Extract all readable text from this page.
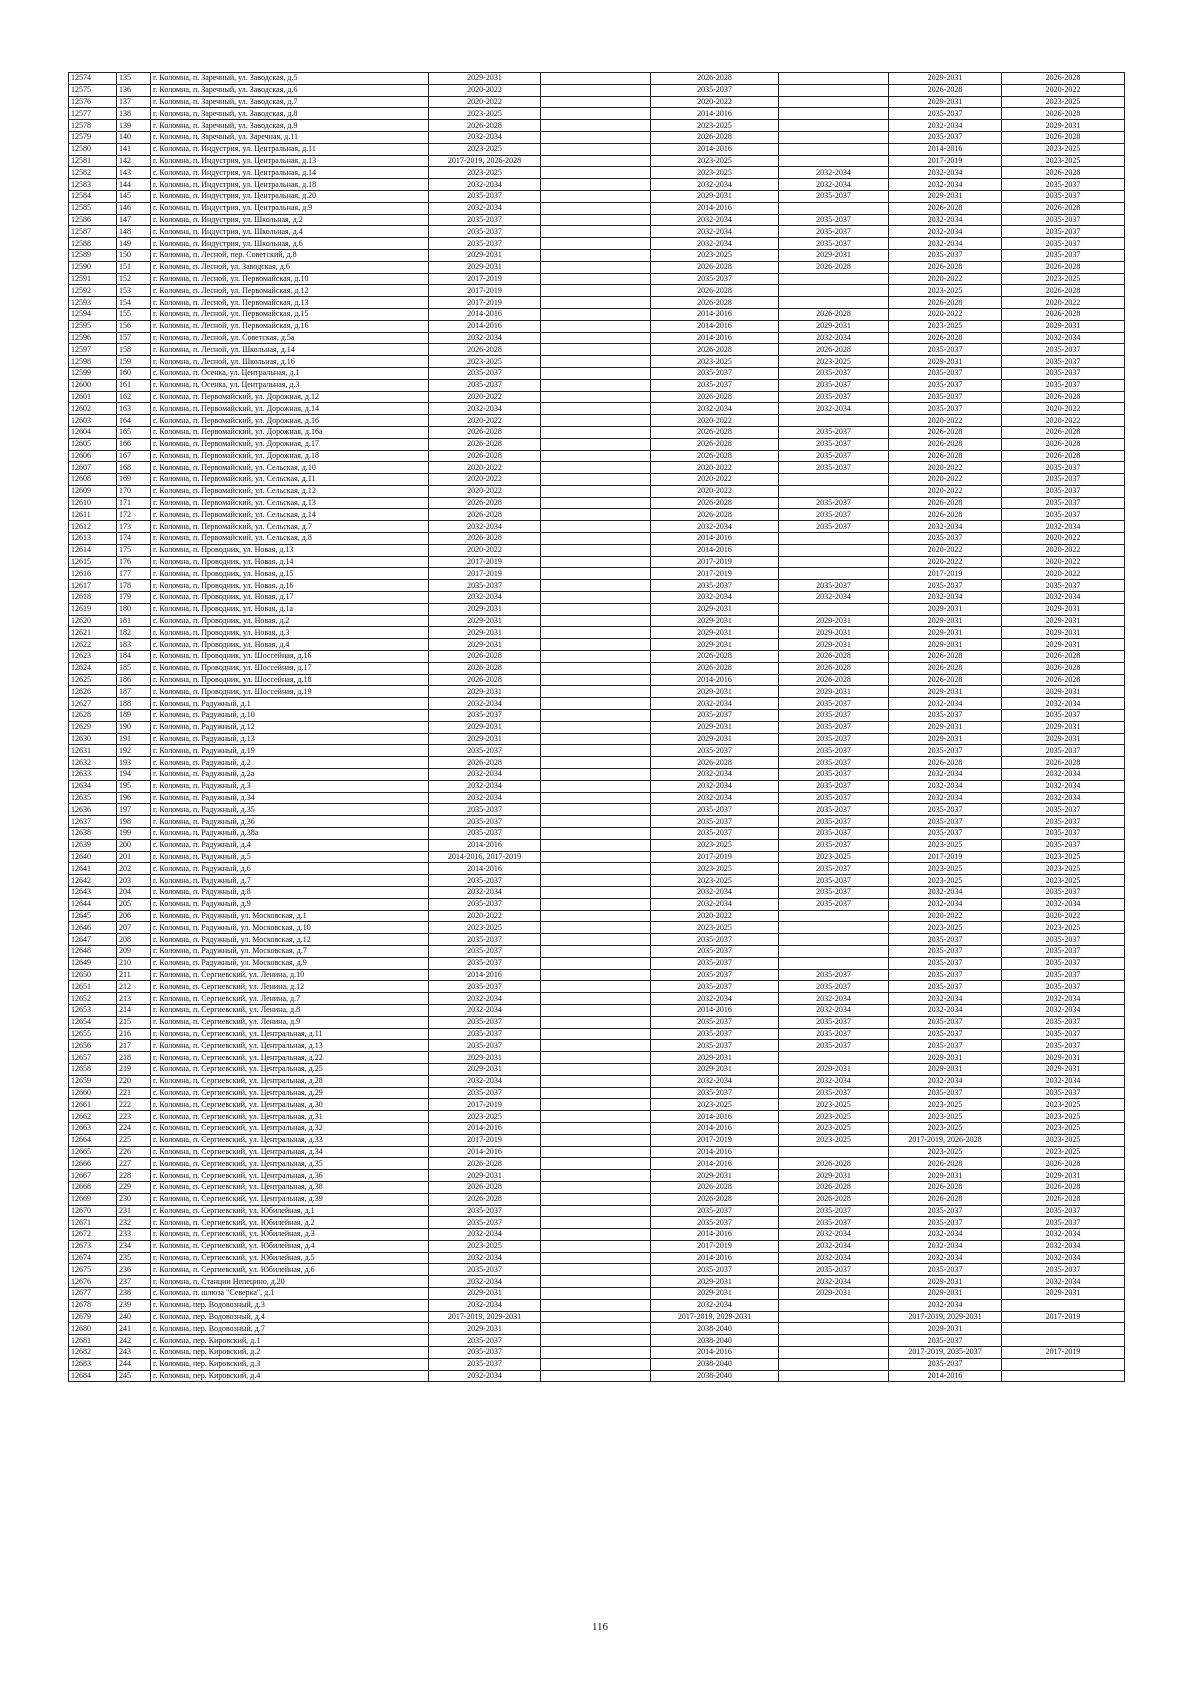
12574	135	г. Коломна, п. Заречный, ул. Заводская, д.5	2029-2031		2026-2028		2029-2031	2026-2028
12575	136	г. Коломна, п. Заречный, ул. Заводская, д.6	2020-2022		2035-2037		2026-2028	2020-2022
12576	137	г. Коломна, п. Заречный, ул. Заводская, д.7	2020-2022		2020-2022		2029-2031	2023-2025
12577	138	г. Коломна, п. Заречный, ул. Заводская, д.8	2023-2025		2014-2016		2035-2037	2026-2028
12578	139	г. Коломна, п. Заречный, ул. Заводская, д.9	2026-2028		2023-2025		2032-2034	2029-2031
12579	140	г. Коломна, п. Заречный, ул. Заречная, д.11	2032-2034		2026-2028		2035-2037	2026-2028
12580	141	г. Коломна, п. Индустрия, ул. Центральная, д.11	2023-2025		2014-2016		2014-2016	2023-2025
12581	142	г. Коломна, п. Индустрия, ул. Центральная, д.13	2017-2019, 2026-2028		2023-2025		2017-2019	2023-2025
12582	143	г. Коломна, п. Индустрия, ул. Центральная, д.14	2023-2025		2023-2025	2032-2034	2032-2034	2026-2028
12583	144	г. Коломна, п. Индустрия, ул. Центральная, д.18	2032-2034		2032-2034	2032-2034	2032-2034	2035-2037
12584	145	г. Коломна, п. Индустрия, ул. Центральная, д.20	2035-2037		2029-2031	2035-2037	2029-2031	2035-2037
12585	146	г. Коломна, п. Индустрия, ул. Центральная, д.9	2032-2034		2014-2016		2026-2028	2026-2028
12586	147	г. Коломна, п. Индустрия, ул. Школьная, д.2	2035-2037		2032-2034	2035-2037	2032-2034	2035-2037
12587	148	г. Коломна, п. Индустрия, ул. Школьная, д.4	2035-2037		2032-2034	2035-2037	2032-2034	2035-2037
12588	149	г. Коломна, п. Индустрия, ул. Школьная, д.6	2035-2037		2032-2034	2035-2037	2032-2034	2035-2037
12589	150	г. Коломна, п. Лесной, пер. Советский, д.8	2029-2031		2023-2025	2029-2031	2035-2037	2035-2037
12590	151	г. Коломна, п. Лесной, ул. Заводская, д.6	2029-2031		2026-2028	2026-2028	2026-2028	2026-2028
12591	152	г. Коломна, п. Лесной, ул. Первомайская, д.10	2017-2019		2035-2037		2020-2022	2023-2025
12592	153	г. Коломна, п. Лесной, ул. Первомайская, д.12	2017-2019		2026-2028		2023-2025	2026-2028
12593	154	г. Коломна, п. Лесной, ул. Первомайская, д.13	2017-2019		2026-2028		2026-2028	2020-2022
12594	155	г. Коломна, п. Лесной, ул. Первомайская, д.15	2014-2016		2014-2016	2026-2028	2020-2022	2026-2028
12595	156	г. Коломна, п. Лесной, ул. Первомайская, д.16	2014-2016		2014-2016	2029-2031	2023-2025	2029-2031
12596	157	г. Коломна, п. Лесной, ул. Советская, д.5а	2032-2034		2014-2016	2032-2034	2026-2028	2032-2034
12597	158	г. Коломна, п. Лесной, ул. Школьная, д.14	2026-2028		2026-2028	2026-2028	2035-2037	2035-2037
12598	159	г. Коломна, п. Лесной, ул. Школьная, д.16	2023-2025		2023-2025	2023-2025	2029-2031	2035-2037
12599	160	г. Коломна, п. Осенка, ул. Центральная, д.1	2035-2037		2035-2037	2035-2037	2035-2037	2035-2037
12600	161	г. Коломна, п. Осенка, ул. Центральная, д.3	2035-2037		2035-2037	2035-2037	2035-2037	2035-2037
12601	162	г. Коломна, п. Первомайский, ул. Дорожная, д.12	2020-2022		2026-2028	2035-2037	2035-2037	2026-2028
12602	163	г. Коломна, п. Первомайский, ул. Дорожная, д.14	2032-2034		2032-2034	2032-2034	2035-2037	2020-2022
12603	164	г. Коломна, п. Первомайский, ул. Дорожная, д.16	2020-2022		2020-2022		2020-2022	2020-2022
12604	165	г. Коломна, п. Первомайский, ул. Дорожная, д.16а	2026-2028		2026-2028	2035-2037	2026-2028	2026-2028
12605	166	г. Коломна, п. Первомайский, ул. Дорожная, д.17	2026-2028		2026-2028	2035-2037	2026-2028	2026-2028
12606	167	г. Коломна, п. Первомайский, ул. Дорожная, д.18	2026-2028		2026-2028	2035-2037	2026-2028	2026-2028
12607	168	г. Коломна, п. Первомайский, ул. Сельская, д.10	2020-2022		2020-2022	2035-2037	2020-2022	2035-2037
12608	169	г. Коломна, п. Первомайский, ул. Сельская, д.11	2020-2022		2020-2022		2020-2022	2035-2037
12609	170	г. Коломна, п. Первомайский, ул. Сельская, д.12	2020-2022		2020-2022		2020-2022	2035-2037
12610	171	г. Коломна, п. Первомайский, ул. Сельская, д.13	2026-2028		2026-2028	2035-2037	2026-2028	2035-2037
12611	172	г. Коломна, п. Первомайский, ул. Сельская, д.14	2026-2028		2026-2028	2035-2037	2026-2028	2035-2037
12612	173	г. Коломна, п. Первомайский, ул. Сельская, д.7	2032-2034		2032-2034	2035-2037	2032-2034	2032-2034
12613	174	г. Коломна, п. Первомайский, ул. Сельская, д.8	2026-2028		2014-2016		2035-2037	2020-2022
12614	175	г. Коломна, п. Проводник, ул. Новая, д.13	2020-2022		2014-2016		2020-2022	2020-2022
12615	176	г. Коломна, п. Проводник, ул. Новая, д.14	2017-2019		2017-2019		2020-2022	2020-2022
12616	177	г. Коломна, п. Проводник, ул. Новая, д.15	2017-2019		2017-2019		2017-2019	2020-2022
12617	178	г. Коломна, п. Проводник, ул. Новая, д.16	2035-2037		2035-2037	2035-2037	2035-2037	2035-2037
12618	179	г. Коломна, п. Проводник, ул. Новая, д.17	2032-2034		2032-2034	2032-2034	2032-2034	2032-2034
12619	180	г. Коломна, п. Проводник, ул. Новая, д.1а	2029-2031		2029-2031		2029-2031	2029-2031
12620	181	г. Коломна, п. Проводник, ул. Новая, д.2	2029-2031		2029-2031	2029-2031	2029-2031	2029-2031
12621	182	г. Коломна, п. Проводник, ул. Новая, д.3	2029-2031		2029-2031	2029-2031	2029-2031	2029-2031
12622	183	г. Коломна, п. Проводник, ул. Новая, д.4	2029-2031		2029-2031	2029-2031	2029-2031	2029-2031
12623	184	г. Коломна, п. Проводник, ул. Шоссейная, д.16	2026-2028		2026-2028	2026-2028	2026-2028	2026-2028
12624	185	г. Коломна, п. Проводник, ул. Шоссейная, д.17	2026-2028		2026-2028	2026-2028	2026-2028	2026-2028
12625	186	г. Коломна, п. Проводник, ул. Шоссейная, д.18	2026-2028		2014-2016	2026-2028	2026-2028	2026-2028
12626	187	г. Коломна, п. Проводник, ул. Шоссейная, д.19	2029-2031		2029-2031	2029-2031	2029-2031	2029-2031
12627	188	г. Коломна, п. Радужный, д.1	2032-2034		2032-2034	2035-2037	2032-2034	2032-2034
12628	189	г. Коломна, п. Радужный, д.10	2035-2037		2035-2037	2035-2037	2035-2037	2035-2037
12629	190	г. Коломна, п. Радужный, д.12	2029-2031		2029-2031	2035-2037	2029-2031	2029-2031
12630	191	г. Коломна, п. Радужный, д.13	2029-2031		2029-2031	2035-2037	2029-2031	2029-2031
12631	192	г. Коломна, п. Радужный, д.19	2035-2037		2035-2037	2035-2037	2035-2037	2035-2037
12632	193	г. Коломна, п. Радужный, д.2	2026-2028		2026-2028	2035-2037	2026-2028	2026-2028
12633	194	г. Коломна, п. Радужный, д.2а	2032-2034		2032-2034	2035-2037	2032-2034	2032-2034
12634	195	г. Коломна, п. Радужный, д.3	2032-2034		2032-2034	2035-2037	2032-2034	2032-2034
12635	196	г. Коломна, п. Радужный, д.34	2032-2034		2032-2034	2035-2037	2032-2034	2032-2034
12636	197	г. Коломна, п. Радужный, д.35	2035-2037		2035-2037	2035-2037	2035-2037	2035-2037
12637	198	г. Коломна, п. Радужный, д.36	2035-2037		2035-2037	2035-2037	2035-2037	2035-2037
12638	199	г. Коломна, п. Радужный, д.38а	2035-2037		2035-2037	2035-2037	2035-2037	2035-2037
12639	200	г. Коломна, п. Радужный, д.4	2014-2016		2023-2025	2035-2037	2023-2025	2035-2037
12640	201	г. Коломна, п. Радужный, д.5	2014-2016, 2017-2019		2017-2019	2023-2025	2017-2019	2023-2025
12641	202	г. Коломна, п. Радужный, д.6	2014-2016		2023-2025	2035-2037	2023-2025	2023-2025
12642	203	г. Коломна, п. Радужный, д.7	2035-2037		2023-2025	2035-2037	2023-2025	2023-2025
12643	204	г. Коломна, п. Радужный, д.8	2032-2034		2032-2034	2035-2037	2032-2034	2035-2037
12644	205	г. Коломна, п. Радужный, д.9	2035-2037		2032-2034	2035-2037	2032-2034	2032-2034
12645	206	г. Коломна, п. Радужный, ул. Московская, д.1	2020-2022		2020-2022		2020-2022	2020-2022
12646	207	г. Коломна, п. Радужный, ул. Московская, д.10	2023-2025		2023-2025		2023-2025	2023-2025
12647	208	г. Коломна, п. Радужный, ул. Московская, д.12	2035-2037		2035-2037		2035-2037	2035-2037
12648	209	г. Коломна, п. Радужный, ул. Московская, д.7	2035-2037		2035-2037		2035-2037	2035-2037
12649	210	г. Коломна, п. Радужный, ул. Московская, д.9	2035-2037		2035-2037		2035-2037	2035-2037
12650	211	г. Коломна, п. Сергиевский, ул. Ленина, д.10	2014-2016		2035-2037	2035-2037	2035-2037	2035-2037
12651	212	г. Коломна, п. Сергиевский, ул. Ленина, д.12	2035-2037		2035-2037	2035-2037	2035-2037	2035-2037
12652	213	г. Коломна, п. Сергиевский, ул. Ленина, д.7	2032-2034		2032-2034	2032-2034	2032-2034	2032-2034
12653	214	г. Коломна, п. Сергиевский, ул. Ленина, д.8	2032-2034		2014-2016	2032-2034	2032-2034	2032-2034
12654	215	г. Коломна, п. Сергиевский, ул. Ленина, д.9	2035-2037		2035-2037	2035-2037	2035-2037	2035-2037
12655	216	г. Коломна, п. Сергиевский, ул. Центральная, д.11	2035-2037		2035-2037	2035-2037	2035-2037	2035-2037
12656	217	г. Коломна, п. Сергиевский, ул. Центральная, д.13	2035-2037		2035-2037	2035-2037	2035-2037	2035-2037
12657	218	г. Коломна, п. Сергиевский, ул. Центральная, д.22	2029-2031		2029-2031		2029-2031	2029-2031
12658	219	г. Коломна, п. Сергиевский, ул. Центральная, д.25	2029-2031		2029-2031	2029-2031	2029-2031	2029-2031
12659	220	г. Коломна, п. Сергиевский, ул. Центральная, д.28	2032-2034		2032-2034	2032-2034	2032-2034	2032-2034
12660	221	г. Коломна, п. Сергиевский, ул. Центральная, д.29	2035-2037		2035-2037	2035-2037	2035-2037	2035-2037
12661	222	г. Коломна, п. Сергиевский, ул. Центральная, д.30	2017-2019		2023-2025	2023-2025	2023-2025	2023-2025
12662	223	г. Коломна, п. Сергиевский, ул. Центральная, д.31	2023-2025		2014-2016	2023-2025	2023-2025	2023-2025
12663	224	г. Коломна, п. Сергиевский, ул. Центральная, д.32	2014-2016		2014-2016	2023-2025	2023-2025	2023-2025
12664	225	г. Коломна, п. Сергиевский, ул. Центральная, д.33	2017-2019		2017-2019	2023-2025	2017-2019, 2026-2028	2023-2025
12665	226	г. Коломна, п. Сергиевский, ул. Центральная, д.34	2014-2016		2014-2016		2023-2025	2023-2025
12666	227	г. Коломна, п. Сергиевский, ул. Центральная, д.35	2026-2028		2014-2016	2026-2028	2026-2028	2026-2028
12667	228	г. Коломна, п. Сергиевский, ул. Центральная, д.36	2029-2031		2029-2031	2029-2031	2029-2031	2029-2031
12668	229	г. Коломна, п. Сергиевский, ул. Центральная, д.38	2026-2028		2026-2028	2026-2028	2026-2028	2026-2028
12669	230	г. Коломна, п. Сергиевский, ул. Центральная, д.39	2026-2028		2026-2028	2026-2028	2026-2028	2026-2028
12670	231	г. Коломна, п. Сергиевский, ул. Юбилейная, д.1	2035-2037		2035-2037	2035-2037	2035-2037	2035-2037
12671	232	г. Коломна, п. Сергиевский, ул. Юбилейная, д.2	2035-2037		2035-2037	2035-2037	2035-2037	2035-2037
12672	233	г. Коломна, п. Сергиевский, ул. Юбилейная, д.3	2032-2034		2014-2016	2032-2034	2032-2034	2032-2034
12673	234	г. Коломна, п. Сергиевский, ул. Юбилейная, д.4	2023-2025		2017-2019	2032-2034	2032-2034	2032-2034
12674	235	г. Коломна, п. Сергиевский, ул. Юбилейная, д.5	2032-2034		2014-2016	2032-2034	2032-2034	2032-2034
12675	236	г. Коломна, п. Сергиевский, ул. Юбилейная, д.6	2035-2037		2035-2037	2035-2037	2035-2037	2035-2037
12676	237	г. Коломна, п. Станции Непецино, д.20	2032-2034		2029-2031	2032-2034	2029-2031	2032-2034
12677	238	г. Коломна, п. шлюза "Северка", д.1	2029-2031		2029-2031	2029-2031	2029-2031	2029-2031
12678	239	г. Коломна, пер. Водовозный, д.3	2032-2034		2032-2034		2032-2034	
12679	240	г. Коломна, пер. Водовозный, д.4	2017-2019, 2029-2031		2017-2019, 2029-2031		2017-2019, 2029-2031	2017-2019
12680	241	г. Коломна, пер. Водовозный, д.7	2029-2031		2038-2040		2029-2031	
12681	242	г. Коломна, пер. Кировский, д.1	2035-2037		2038-2040		2035-2037	
12682	243	г. Коломна, пер. Кировский, д.2	2035-2037		2014-2016		2017-2019, 2035-2037	2017-2019
12683	244	г. Коломна, пер. Кировский, д.3	2035-2037		2038-2040		2035-2037	
12684	245	г. Коломна, пер. Кировский, д.4	2032-2034		2038-2040		2014-2016	
116
